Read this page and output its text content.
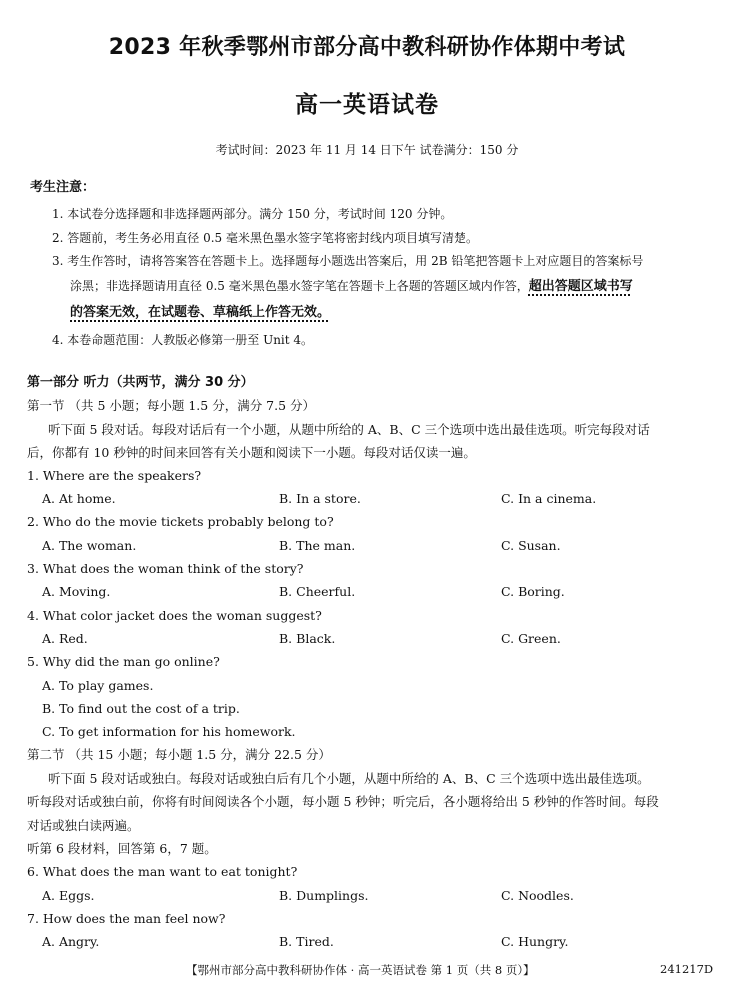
2023 年秋季鄂州市部分高中教科研协作体期中考试
高一英语试卷
考试时间：2023 年 11 月 14 日下午 试卷满分：150 分
考生注意：
1. 本试卷分选择题和非选择题两部分。满分 150 分，考试时间 120 分钟。
2. 答题前，考生务必用直径 0.5 毫米黑色墨水签字笔将密封线内项目填写清楚。
3. 考生作答时，请将答案答在答题卡上。选择题每小题选出答案后，用 2B 铅笔把答题卡上对应题目的答案标号
涂黑；非选择题请用直径 0.5 毫米黑色墨水签字笔在答题卡上各题的答题区域内作答，超出答题区域书写
的答案无效，在试题卷、草稿纸上作答无效。
4. 本卷命题范围：人教版必修第一册至 Unit 4。
第一部分 听力（共两节，满分 30 分）
第一节 （共 5 小题；每小题 1.5 分，满分 7.5 分）
听下面 5 段对话。每段对话后有一个小题，从题中所给的 A、B、C 三个选项中选出最佳选项。听完每段对话
后，你都有 10 秒钟的时间来回答有关小题和阅读下一小题。每段对话仅读一遍。
1. Where are the speakers?
A. At home.	B. In a store.	C. In a cinema.
2. Who do the movie tickets probably belong to?
A. The woman.	B. The man.	C. Susan.
3. What does the woman think of the story?
A. Moving.	B. Cheerful.	C. Boring.
4. What color jacket does the woman suggest?
A. Red.	B. Black.	C. Green.
5. Why did the man go online?
A. To play games.
B. To find out the cost of a trip.
C. To get information for his homework.
第二节 （共 15 小题；每小题 1.5 分，满分 22.5 分）
听下面 5 段对话或独白。每段对话或独白后有几个小题，从题中所给的 A、B、C 三个选项中选出最佳选项。
听每段对话或独白前，你将有时间阅读各个小题，每小题 5 秒钟；听完后，各小题将给出 5 秒钟的作答时间。每段
对话或独白读两遍。
听第 6 段材料，回答第 6，7 题。
6. What does the man want to eat tonight?
A. Eggs.	B. Dumplings.	C. Noodles.
7. How does the man feel now?
A. Angry.	B. Tired.	C. Hungry.
【鄂州市部分高中教科研协作体 · 高一英语试卷 第 1 页（共 8 页）】	241217D
